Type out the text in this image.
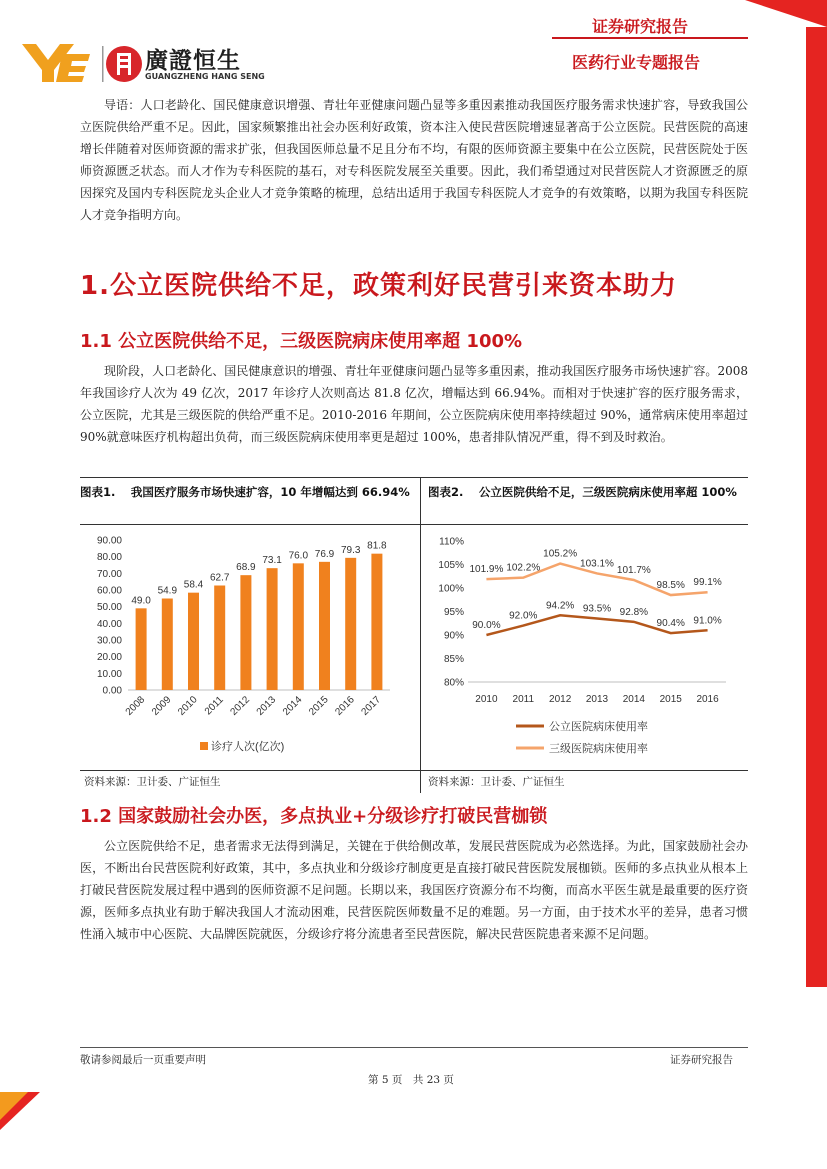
证券研究报告
医药行业专题报告
廣證恒生
GUANGZHENG HANG SENG

导语：人口老龄化、国民健康意识增强、青壮年亚健康问题凸显等多重因素推动我国医疗服务需求快速扩容，导致我国公立医院供给严重不足。因此，国家频繁推出社会办医利好政策，资本注入使民营医院增速显著高于公立医院。民营医院的高速增长伴随着对医师资源的需求扩张，但我国医师总量不足且分布不均，有限的医师资源主要集中在公立医院，民营医院处于医师资源匮乏状态。而人才作为专科医院的基石，对专科医院发展至关重要。因此，我们希望通过对民营医院人才资源匮乏的原因探究及国内专科医院龙头企业人才竞争策略的梳理，总结出适用于我国专科医院人才竞争的有效策略，以期为我国专科医院人才竞争指明方向。

1.公立医院供给不足，政策利好民营引来资本助力
1.1 公立医院供给不足，三级医院病床使用率超 100%

现阶段，人口老龄化、国民健康意识的增强、青壮年亚健康问题凸显等多重因素，推动我国医疗服务市场快速扩容。2008 年我国诊疗人次为 49 亿次，2017 年诊疗人次则高达 81.8 亿次，增幅达到 66.94%。而相对于快速扩容的医疗服务需求，公立医院，尤其是三级医院的供给严重不足。2010-2016 年期间，公立医院病床使用率持续超过 90%，通常病床使用率超过 90%就意味医疗机构超出负荷，而三级医院病床使用率更是超过 100%，患者排队情况严重，得不到及时救治。

图表1.　 我国医疗服务市场快速扩容，10 年增幅达到 66.94%	图表2.　 公立医院供给不足，三级医院病床使用率超 100%
0.00
10.00
20.00
30.00
40.00
50.00
60.00
70.00
80.00
90.00
49.0
2008
54.9
2009
58.4
2010
62.7
2011
68.9
2012
73.1
2013
76.0
2014
76.9
2015
79.3
2016
81.8
2017
诊疗人次(亿次)
80%
85%
90%
95%
100%
105%
110%
2010 2011 2012 2013 2014 2015 2016
90.0%
92.0%
94.2% 93.5% 92.8%
90.4% 91.0%
公立医院病床使用率
101.9% 102.2%
105.2%
103.1%
101.7%
98.5% 99.1%
三级医院病床使用率
资料来源：卫计委、广证恒生	资料来源：卫计委、广证恒生
1.2 国家鼓励社会办医，多点执业+分级诊疗打破民营枷锁

公立医院供给不足，患者需求无法得到满足，关键在于供给侧改革，发展民营医院成为必然选择。为此，国家鼓励社会办医，不断出台民营医院利好政策，其中，多点执业和分级诊疗制度更是直接打破民营医院发展枷锁。医师的多点执业从根本上打破民营医院发展过程中遇到的医师资源不足问题。长期以来，我国医疗资源分布不均衡，而高水平医生就是最重要的医疗资源，医师多点执业有助于解决我国人才流动困难，民营医院医师数量不足的难题。另一方面，由于技术水平的差异，患者习惯性涌入城市中心医院、大品牌医院就医，分级诊疗将分流患者至民营医院，解决民营医院患者来源不足问题。

敬请参阅最后一页重要声明	证券研究报告
第 5 页　共 23 页
